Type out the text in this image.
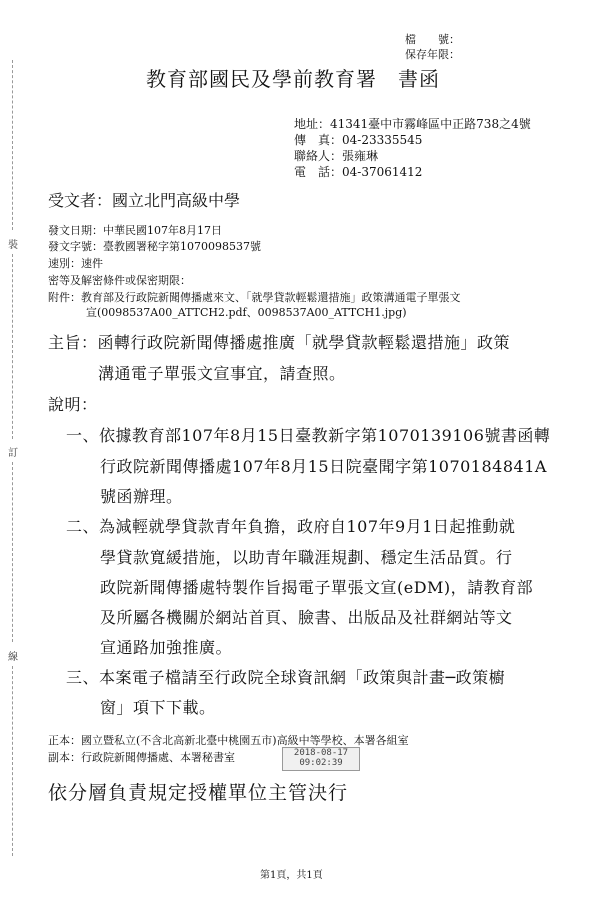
裝
訂
線
檔　　號：
保存年限：
教育部國民及學前教育署　書函
地址：41341臺中市霧峰區中正路738之4號
傳　真：04-23335545
聯絡人：張雍琳
電　話：04-37061412
受文者：國立北門高級中學
發文日期：中華民國107年8月17日
發文字號：臺教國署秘字第1070098537號
速別：速件
密等及解密條件或保密期限：
附件：教育部及行政院新聞傳播處來文、「就學貸款輕鬆還措施」政策溝通電子單張文
宣(0098537A00_ATTCH2.pdf、0098537A00_ATTCH1.jpg)
主旨：函轉行政院新聞傳播處推廣「就學貸款輕鬆還措施」政策
溝通電子單張文宣事宜，請查照。
說明：
一、依據教育部107年8月15日臺教新字第1070139106號書函轉
行政院新聞傳播處107年8月15日院臺聞字第1070184841A
號函辦理。
二、為減輕就學貸款青年負擔，政府自107年9月1日起推動就
學貸款寬緩措施，以助青年職涯規劃、穩定生活品質。行
政院新聞傳播處特製作旨揭電子單張文宣(eDM)，請教育部
及所屬各機關於網站首頁、臉書、出版品及社群網站等文
宣通路加強推廣。
三、本案電子檔請至行政院全球資訊網「政策與計畫─政策櫥
窗」項下下載。
正本：國立暨私立(不含北高新北臺中桃園五市)高級中等學校、本署各組室
副本：行政院新聞傳播處、本署秘書室	2018-08-17
09:02:39
依分層負責規定授權單位主管決行
第1頁，共1頁
